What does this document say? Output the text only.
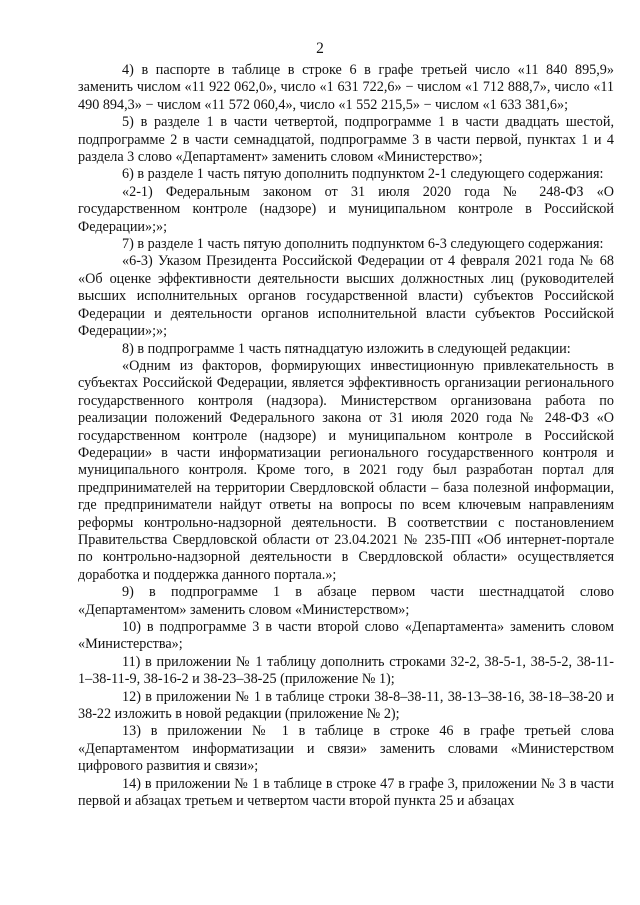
2

4) в паспорте в таблице в строке 6 в графе третьей число «11 840 895,9» заменить числом «11 922 062,0», число «1 631 722,6» − числом «1 712 888,7», число «11 490 894,3» − числом «11 572 060,4», число «1 552 215,5» − числом «1 633 381,6»;

5) в разделе 1 в части четвертой, подпрограмме 1 в части двадцать шестой, подпрограмме 2 в части семнадцатой, подпрограмме 3 в части первой, пунктах 1 и 4 раздела 3 слово «Департамент» заменить словом «Министерство»;

6) в разделе 1 часть пятую дополнить подпунктом 2-1 следующего содержания:

«2-1) Федеральным законом от 31 июля 2020 года № 248-ФЗ «О государственном контроле (надзоре) и муниципальном контроле в Российской Федерации»;»;

7) в разделе 1 часть пятую дополнить подпунктом 6-3 следующего содержания:

«6-3) Указом Президента Российской Федерации от 4 февраля 2021 года № 68 «Об оценке эффективности деятельности высших должностных лиц (руководителей высших исполнительных органов государственной власти) субъектов Российской Федерации и деятельности органов исполнительной власти субъектов Российской Федерации»;»;

8) в подпрограмме 1 часть пятнадцатую изложить в следующей редакции:

«Одним из факторов, формирующих инвестиционную привлекательность в субъектах Российской Федерации, является эффективность организации регионального государственного контроля (надзора). Министерством организована работа по реализации положений Федерального закона от 31 июля 2020 года № 248-ФЗ «О государственном контроле (надзоре) и муниципальном контроле в Российской Федерации» в части информатизации регионального государственного контроля и муниципального контроля. Кроме того, в 2021 году был разработан портал для предпринимателей на территории Свердловской области – база полезной информации, где предприниматели найдут ответы на вопросы по всем ключевым направлениям реформы контрольно-надзорной деятельности. В соответствии с постановлением Правительства Свердловской области от 23.04.2021 № 235-ПП «Об интернет-портале по контрольно-надзорной деятельности в Свердловской области» осуществляется доработка и поддержка данного портала.»;

9) в подпрограмме 1 в абзаце первом части шестнадцатой слово «Департаментом» заменить словом «Министерством»;

10) в подпрограмме 3 в части второй слово «Департамента» заменить словом «Министерства»;

11) в приложении № 1 таблицу дополнить строками 32-2, 38-5-1, 38-5-2, 38-11-1–38-11-9, 38-16-2 и 38-23–38-25 (приложение № 1);

12) в приложении № 1 в таблице строки 38-8–38-11, 38-13–38-16, 38-18–38-20 и 38-22 изложить в новой редакции (приложение № 2);

13) в приложении № 1 в таблице в строке 46 в графе третьей слова «Департаментом информатизации и связи» заменить словами «Министерством цифрового развития и связи»;

14) в приложении № 1 в таблице в строке 47 в графе 3, приложении № 3 в части первой и абзацах третьем и четвертом части второй пункта 25 и абзацах
